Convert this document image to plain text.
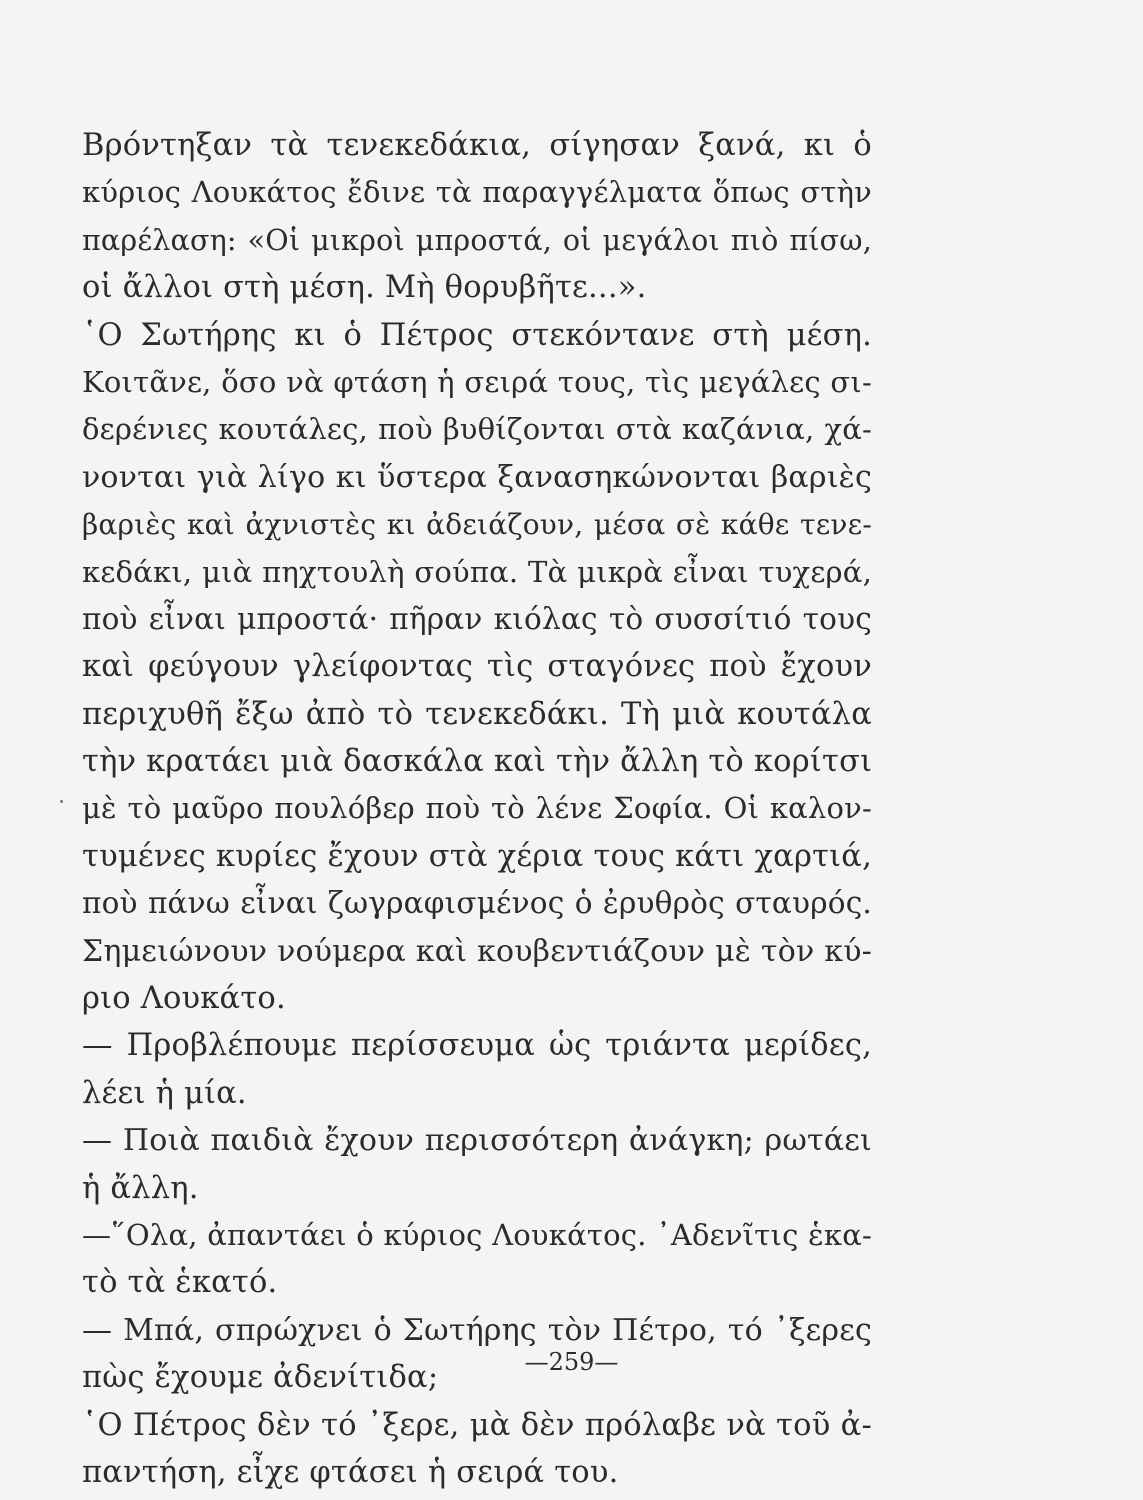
Βρόντηξαν τὰ τενεκεδάκια, σίγησαν ξανά, κι ὁ
κύριος Λουκάτος ἔδινε τὰ παραγγέλματα ὅπως στὴν
παρέλαση: «Οἱ μικροὶ μπροστά, οἱ μεγάλοι πιὸ πίσω,
οἱ ἄλλοι στὴ μέση. Μὴ θορυβῆτε...».
῾Ο Σωτήρης κι ὁ Πέτρος στεκόντανε στὴ μέση.
Κοιτᾶνε, ὅσο νὰ φτάση ἡ σειρά τους, τὶς μεγάλες σι-
δερένιες κουτάλες, ποὺ βυθίζονται στὰ καζάνια, χά-
νονται γιὰ λίγο κι ὕστερα ξανασηκώνονται βαριὲς
βαριὲς καὶ ἀχνιστὲς κι ἀδειάζουν, μέσα σὲ κάθε τενε-
κεδάκι, μιὰ πηχτουλὴ σούπα. Τὰ μικρὰ εἶναι τυχερά,
ποὺ εἶναι μπροστά· πῆραν κιόλας τὸ συσσίτιό τους
καὶ φεύγουν γλείφοντας τὶς σταγόνες ποὺ ἔχουν
περιχυθῆ ἔξω ἀπὸ τὸ τενεκεδάκι. Τὴ μιὰ κουτάλα
τὴν κρατάει μιὰ δασκάλα καὶ τὴν ἄλλη τὸ κορίτσι
μὲ τὸ μαῦρο πουλόβερ ποὺ τὸ λένε Σοφία. Οἱ καλον-
τυμένες κυρίες ἔχουν στὰ χέρια τους κάτι χαρτιά,
ποὺ πάνω εἶναι ζωγραφισμένος ὁ ἐρυθρὸς σταυρός.
Σημειώνουν νούμερα καὶ κουβεντιάζουν μὲ τὸν κύ-
ριο Λουκάτο.
— Προβλέπουμε περίσσευμα ὡς τριάντα μερίδες,
λέει ἡ μία.
— Ποιὰ παιδιὰ ἔχουν περισσότερη ἀνάγκη; ρωτάει
ἡ ἄλλη.
—῞Ολα, ἀπαντάει ὁ κύριος Λουκάτος. ᾿Αδενῖτις ἑκα-
τὸ τὰ ἑκατό.
— Μπά, σπρώχνει ὁ Σωτήρης τὸν Πέτρο, τό ᾿ξερες
πὼς ἔχουμε ἀδενίτιδα;
῾Ο Πέτρος δὲν τό ᾿ξερε, μὰ δὲν πρόλαβε νὰ τοῦ ἀ-
παντήση, εἶχε φτάσει ἡ σειρά του.
—259—
